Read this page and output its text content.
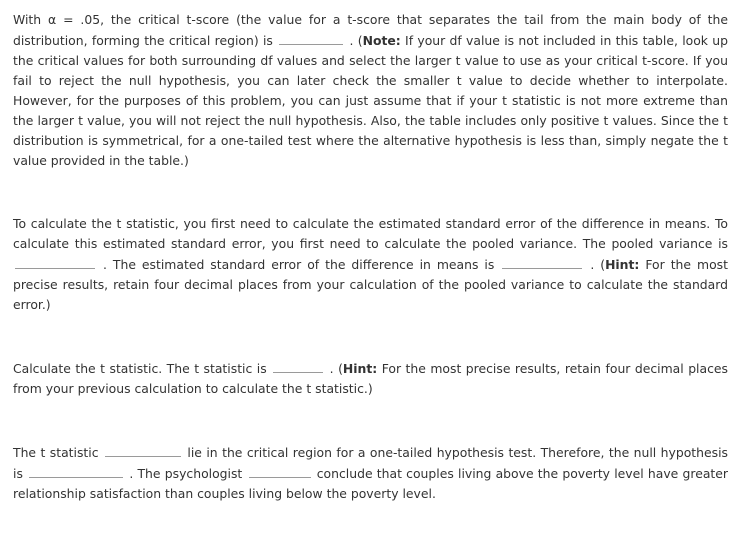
With α = .05, the critical t-score (the value for a t-score that separates the tail from the main body of the distribution, forming the critical region) is	. (Note: If your df value is not included in this table, look up the critical values for both surrounding df values and select the larger t value to use as your critical t-score. If you fail to reject the null hypothesis, you can later check the smaller t value to decide whether to interpolate. However, for the purposes of this problem, you can just assume that if your t statistic is not more extreme than the larger t value, you will not reject the null hypothesis. Also, the table includes only positive t values. Since the t distribution is symmetrical, for a one-tailed test where the alternative hypothesis is less than, simply negate the t value provided in the table.)

To calculate the t statistic, you first need to calculate the estimated standard error of the difference in means. To calculate this estimated standard error, you first need to calculate the pooled variance. The pooled variance is  . The estimated standard error of the difference in means is	. (Hint: For the most precise results, retain four decimal places from your calculation of the pooled variance to calculate the standard error.)

Calculate the t statistic. The t statistic is	. (Hint: For the most precise results, retain four decimal places from your previous calculation to calculate the t statistic.)

The t statistic	lie in the critical region for a one-tailed hypothesis test. Therefore, the null hypothesis is	. The psychologist	conclude that couples living above the poverty level have greater relationship satisfaction than couples living below the poverty level.
